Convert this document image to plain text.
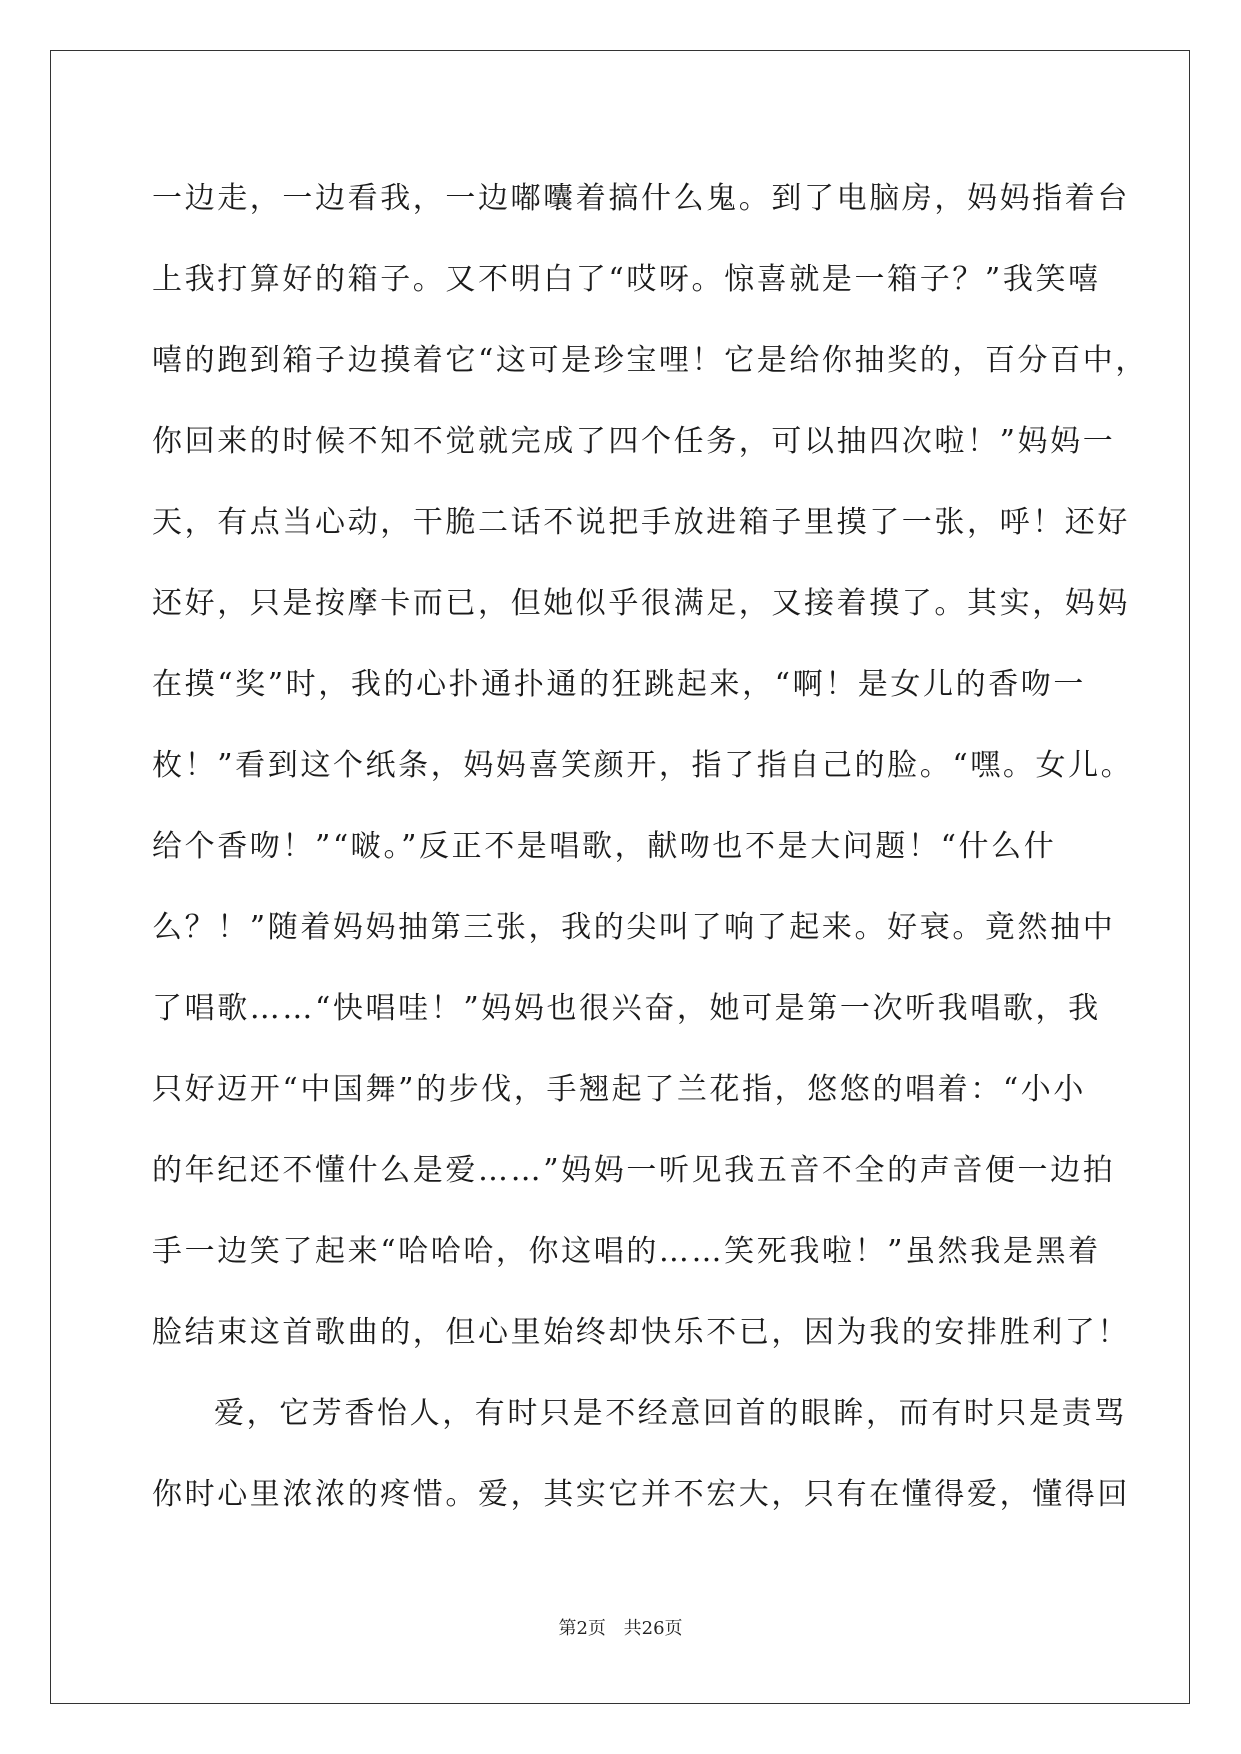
一边走，一边看我，一边嘟囔着搞什么鬼。到了电脑房，妈妈指着台
上我打算好的箱子。又不明白了“哎呀。惊喜就是一箱子？”我笑嘻
嘻的跑到箱子边摸着它“这可是珍宝哩！它是给你抽奖的，百分百中，
你回来的时候不知不觉就完成了四个任务，可以抽四次啦！”妈妈一
天，有点当心动，干脆二话不说把手放进箱子里摸了一张，呼！还好
还好，只是按摩卡而已，但她似乎很满足，又接着摸了。其实，妈妈
在摸“奖”时，我的心扑通扑通的狂跳起来，“啊！是女儿的香吻一
枚！”看到这个纸条，妈妈喜笑颜开，指了指自己的脸。“嘿。女儿。
给个香吻！”“啵。”反正不是唱歌，献吻也不是大问题！“什么什
么？！”随着妈妈抽第三张，我的尖叫了响了起来。好衰。竟然抽中
了唱歌……“快唱哇！”妈妈也很兴奋，她可是第一次听我唱歌，我
只好迈开“中国舞”的步伐，手翘起了兰花指，悠悠的唱着：“小小
的年纪还不懂什么是爱……”妈妈一听见我五音不全的声音便一边拍
手一边笑了起来“哈哈哈，你这唱的……笑死我啦！”虽然我是黑着
脸结束这首歌曲的，但心里始终却快乐不已，因为我的安排胜利了！
爱，它芳香怡人，有时只是不经意回首的眼眸，而有时只是责骂
你时心里浓浓的疼惜。爱，其实它并不宏大，只有在懂得爱，懂得回
第2页 共26页
